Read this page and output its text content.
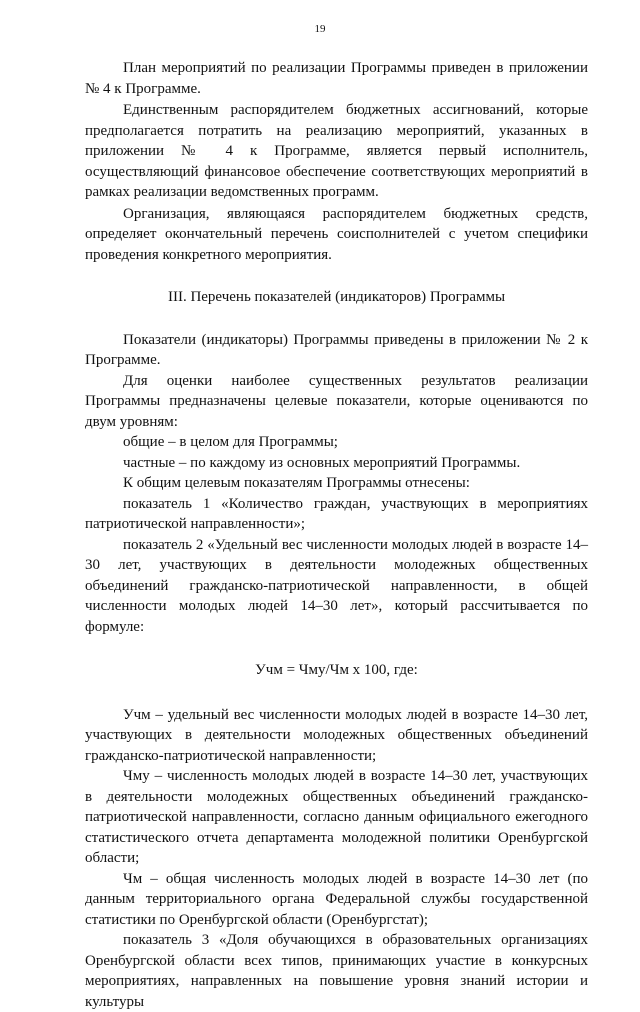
19

План мероприятий по реализации Программы приведен в приложении № 4 к Программе.

Единственным распорядителем бюджетных ассигнований, которые предполагается потратить на реализацию мероприятий, указанных в приложении № 4 к Программе, является первый исполнитель, осуществляющий финансовое обеспечение соответствующих мероприятий в рамках реализации ведомственных программ.

Организация, являющаяся распорядителем бюджетных средств, определяет окончательный перечень соисполнителей с учетом специфики проведения конкретного мероприятия.

III. Перечень показателей (индикаторов) Программы

Показатели (индикаторы) Программы приведены в приложении № 2 к Программе.

Для оценки наиболее существенных результатов реализации Программы предназначены целевые показатели, которые оцениваются по двум уровням:

общие – в целом для Программы;

частные – по каждому из основных мероприятий Программы.

К общим целевым показателям Программы отнесены:

показатель 1 «Количество граждан, участвующих в мероприятиях патриотической направленности»;

показатель 2 «Удельный вес численности молодых людей в возрасте 14–30 лет, участвующих в деятельности молодежных общественных объединений гражданско-патриотической направленности, в общей численности молодых людей 14–30 лет», который рассчитывается по формуле:

Учм = Чму/Чм х 100, где:

Учм – удельный вес численности молодых людей в возрасте 14–30 лет, участвующих в деятельности молодежных общественных объединений гражданско-патриотической направленности;

Чму – численность молодых людей в возрасте 14–30 лет, участвующих в деятельности молодежных общественных объединений гражданско-патриотической направленности, согласно данным официального ежегодного статистического отчета департамента молодежной политики Оренбургской области;

Чм – общая численность молодых людей в возрасте 14–30 лет (по данным территориального органа Федеральной службы государственной статистики по Оренбургской области (Оренбургстат);

показатель 3 «Доля обучающихся в образовательных организациях Оренбургской области всех типов, принимающих участие в конкурсных мероприятиях, направленных на повышение уровня знаний истории и культуры
